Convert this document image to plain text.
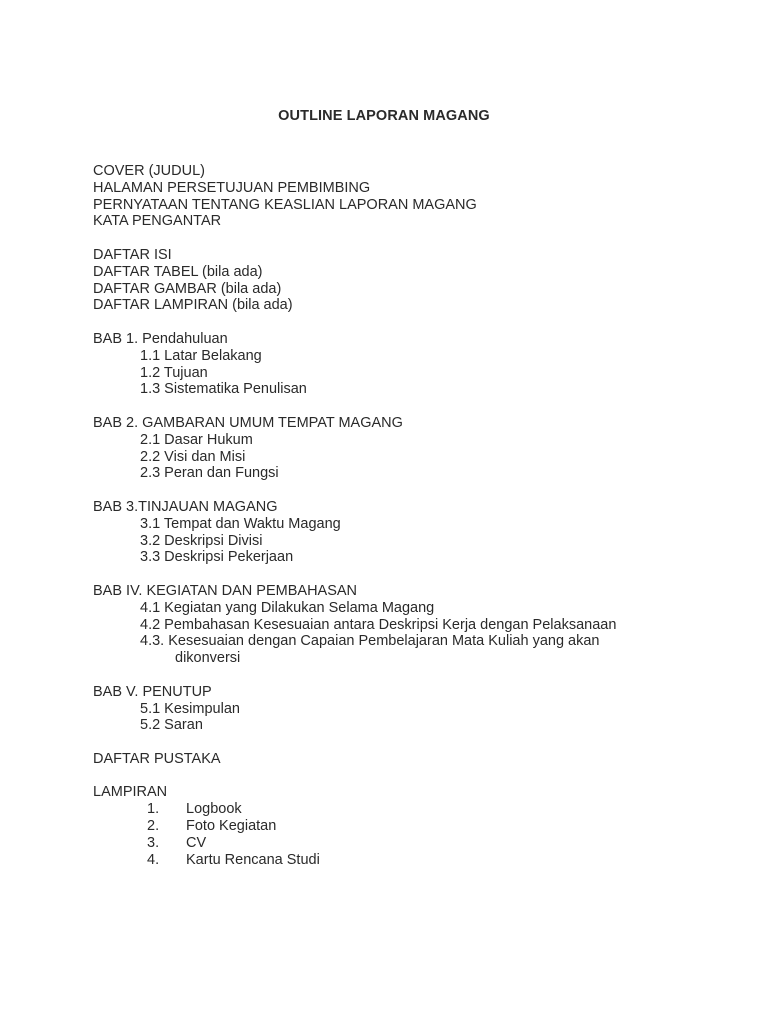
OUTLINE LAPORAN MAGANG
COVER (JUDUL)
HALAMAN PERSETUJUAN PEMBIMBING
PERNYATAAN TENTANG KEASLIAN LAPORAN MAGANG
KATA PENGANTAR
DAFTAR ISI
DAFTAR TABEL (bila ada)
DAFTAR GAMBAR (bila ada)
DAFTAR LAMPIRAN (bila ada)
BAB 1. Pendahuluan
1.1 Latar Belakang
1.2 Tujuan
1.3 Sistematika Penulisan
BAB 2. GAMBARAN UMUM TEMPAT MAGANG
2.1 Dasar Hukum
2.2 Visi dan Misi
2.3 Peran dan Fungsi
BAB 3.TINJAUAN MAGANG
3.1 Tempat dan Waktu Magang
3.2 Deskripsi Divisi
3.3 Deskripsi Pekerjaan
BAB IV. KEGIATAN DAN PEMBAHASAN
4.1 Kegiatan yang Dilakukan Selama Magang
4.2 Pembahasan Kesesuaian antara Deskripsi Kerja dengan Pelaksanaan
4.3. Kesesuaian dengan Capaian Pembelajaran Mata Kuliah yang akan
dikonversi
BAB V. PENUTUP
5.1 Kesimpulan
5.2 Saran
DAFTAR PUSTAKA
LAMPIRAN
1.	Logbook
2.	Foto Kegiatan
3.	CV
4.	Kartu Rencana Studi
